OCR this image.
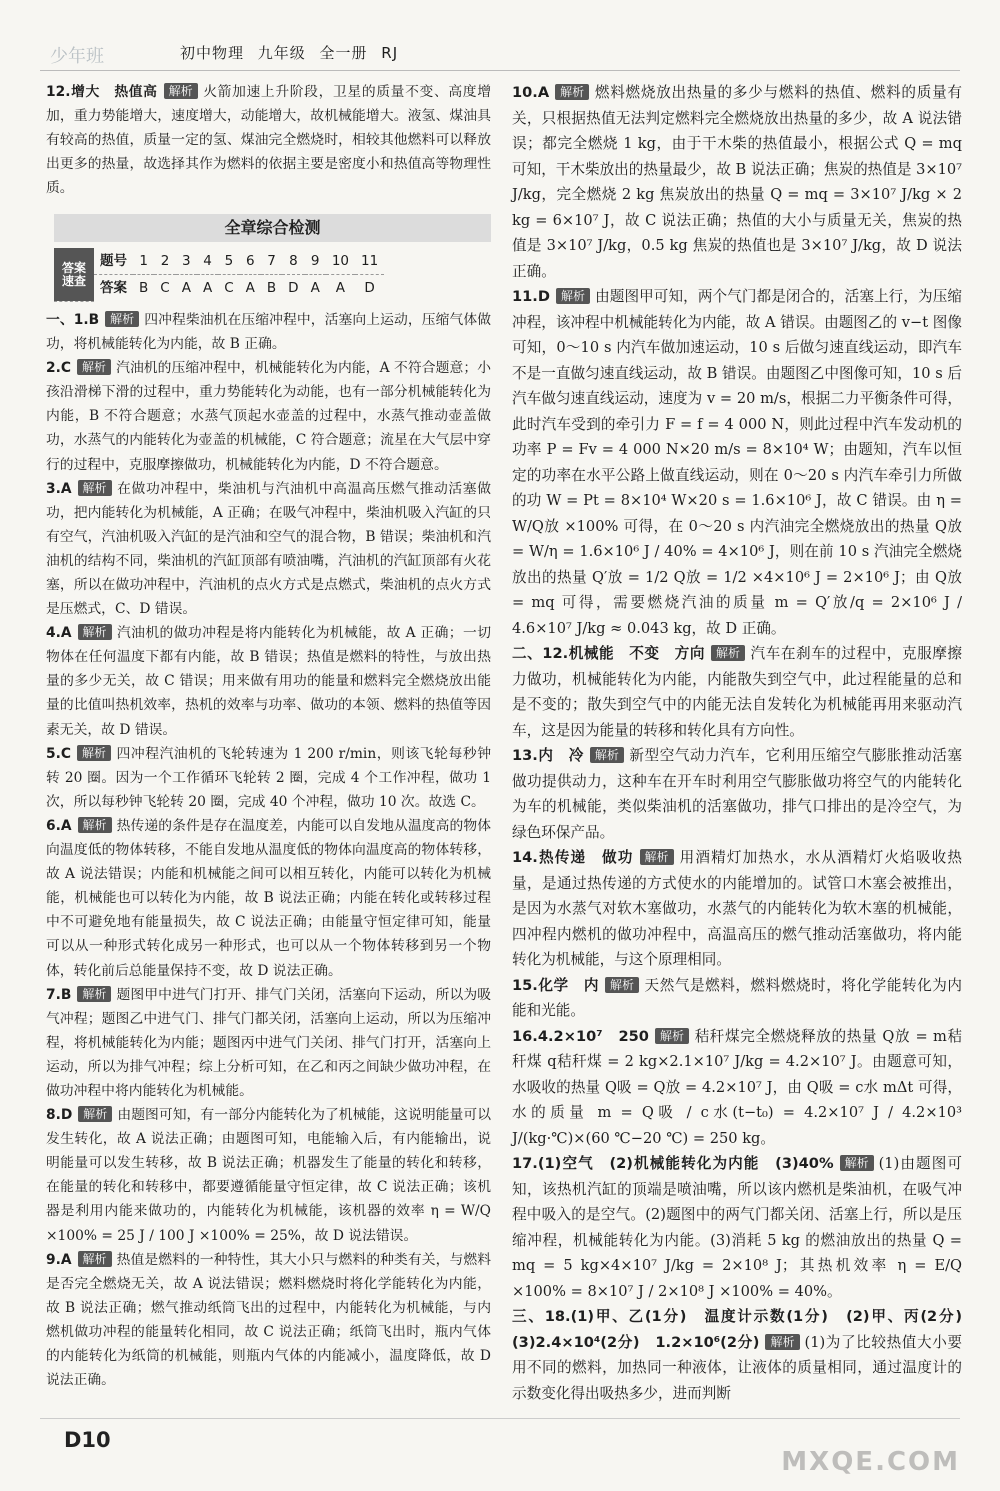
少年班	初中物理 九年级 全一册 RJ
12.增大　热值高 解析 火箭加速上升阶段，卫星的质量不变、高度增加，重力势能增大，速度增大，动能增大，故机械能增大。液氢、煤油具有较高的热值，质量一定的氢、煤油完全燃烧时，相较其他燃料可以释放出更多的热量，故选择其作为燃料的依据主要是密度小和热值高等物理性质。
全章综合检测
答案速查	题号	1	2	3	4	5	6	7	8	9	10	11
	答案	B	C	A	A	C	A	B	D	A	A	D
一、1.B 解析 四冲程柴油机在压缩冲程中，活塞向上运动，压缩气体做功，将机械能转化为内能，故 B 正确。
2.C 解析 汽油机的压缩冲程中，机械能转化为内能，A 不符合题意；小孩沿滑梯下滑的过程中，重力势能转化为动能，也有一部分机械能转化为内能，B 不符合题意；水蒸气顶起水壶盖的过程中，水蒸气推动壶盖做功，水蒸气的内能转化为壶盖的机械能，C 符合题意；流星在大气层中穿行的过程中，克服摩擦做功，机械能转化为内能，D 不符合题意。
3.A 解析 在做功冲程中，柴油机与汽油机中高温高压燃气推动活塞做功，把内能转化为机械能，A 正确；在吸气冲程中，柴油机吸入汽缸的只有空气，汽油机吸入汽缸的是汽油和空气的混合物，B 错误；柴油机和汽油机的结构不同，柴油机的汽缸顶部有喷油嘴，汽油机的汽缸顶部有火花塞，所以在做功冲程中，汽油机的点火方式是点燃式，柴油机的点火方式是压燃式，C、D 错误。
4.A 解析 汽油机的做功冲程是将内能转化为机械能，故 A 正确；一切物体在任何温度下都有内能，故 B 错误；热值是燃料的特性，与放出热量的多少无关，故 C 错误；用来做有用功的能量和燃料完全燃烧放出能量的比值叫热机效率，热机的效率与功率、做功的本领、燃料的热值等因素无关，故 D 错误。
5.C 解析 四冲程汽油机的飞轮转速为 1 200 r/min，则该飞轮每秒钟转 20 圈。因为一个工作循环飞轮转 2 圈，完成 4 个工作冲程，做功 1 次，所以每秒钟飞轮转 20 圈，完成 40 个冲程，做功 10 次。故选 C。
6.A 解析 热传递的条件是存在温度差，内能可以自发地从温度高的物体向温度低的物体转移，不能自发地从温度低的物体向温度高的物体转移，故 A 说法错误；内能和机械能之间可以相互转化，内能可以转化为机械能，机械能也可以转化为内能，故 B 说法正确；内能在转化或转移过程中不可避免地有能量损失，故 C 说法正确；由能量守恒定律可知，能量可以从一种形式转化成另一种形式，也可以从一个物体转移到另一个物体，转化前后总能量保持不变，故 D 说法正确。
7.B 解析 题图甲中进气门打开、排气门关闭，活塞向下运动，所以为吸气冲程；题图乙中进气门、排气门都关闭，活塞向上运动，所以为压缩冲程，将机械能转化为内能；题图丙中进气门关闭、排气门打开，活塞向上运动，所以为排气冲程；综上分析可知，在乙和丙之间缺少做功冲程，在做功冲程中将内能转化为机械能。
8.D 解析 由题图可知，有一部分内能转化为了机械能，这说明能量可以发生转化，故 A 说法正确；由题图可知，电能输入后，有内能输出，说明能量可以发生转移，故 B 说法正确；机器发生了能量的转化和转移，在能量的转化和转移中，都要遵循能量守恒定律，故 C 说法正确；该机器是利用内能来做功的，内能转化为机械能，该机器的效率 η = W/Q ×100% = 25 J / 100 J ×100% = 25%，故 D 说法错误。
9.A 解析 热值是燃料的一种特性，其大小只与燃料的种类有关，与燃料是否完全燃烧无关，故 A 说法错误；燃料燃烧时将化学能转化为内能，故 B 说法正确；燃气推动纸筒飞出的过程中，内能转化为机械能，与内燃机做功冲程的能量转化相同，故 C 说法正确；纸筒飞出时，瓶内气体的内能转化为纸筒的机械能，则瓶内气体的内能减小，温度降低，故 D 说法正确。
10.A 解析 燃料燃烧放出热量的多少与燃料的热值、燃料的质量有关，只根据热值无法判定燃料完全燃烧放出热量的多少，故 A 说法错误；都完全燃烧 1 kg，由于干木柴的热值最小，根据公式 Q = mq 可知，干木柴放出的热量最少，故 B 说法正确；焦炭的热值是 3×10⁷ J/kg，完全燃烧 2 kg 焦炭放出的热量 Q = mq = 3×10⁷ J/kg × 2 kg = 6×10⁷ J，故 C 说法正确；热值的大小与质量无关，焦炭的热值是 3×10⁷ J/kg，0.5 kg 焦炭的热值也是 3×10⁷ J/kg，故 D 说法正确。
11.D 解析 由题图甲可知，两个气门都是闭合的，活塞上行，为压缩冲程，该冲程中机械能转化为内能，故 A 错误。由题图乙的 v−t 图像可知，0～10 s 内汽车做加速运动，10 s 后做匀速直线运动，即汽车不是一直做匀速直线运动，故 B 错误。由题图乙中图像可知，10 s 后汽车做匀速直线运动，速度为 v = 20 m/s，根据二力平衡条件可得，此时汽车受到的牵引力 F = f = 4 000 N，则此过程中汽车发动机的功率 P = Fv = 4 000 N×20 m/s = 8×10⁴ W；由题知，汽车以恒定的功率在水平公路上做直线运动，则在 0～20 s 内汽车牵引力所做的功 W = Pt = 8×10⁴ W×20 s = 1.6×10⁶ J，故 C 错误。由 η = W/Q放 ×100% 可得，在 0～20 s 内汽油完全燃烧放出的热量 Q放 = W/η = 1.6×10⁶ J / 40% = 4×10⁶ J，则在前 10 s 汽油完全燃烧放出的热量 Q′放 = 1/2 Q放 = 1/2 ×4×10⁶ J = 2×10⁶ J；由 Q放 = mq 可得，需要燃烧汽油的质量 m = Q′放/q = 2×10⁶ J / 4.6×10⁷ J/kg ≈ 0.043 kg，故 D 正确。
二、12.机械能　不变　方向 解析 汽车在刹车的过程中，克服摩擦力做功，机械能转化为内能，内能散失到空气中，此过程能量的总和是不变的；散失到空气中的内能无法自发转化为机械能再用来驱动汽车，这是因为能量的转移和转化具有方向性。
13.内　冷 解析 新型空气动力汽车，它利用压缩空气膨胀推动活塞做功提供动力，这种车在开车时利用空气膨胀做功将空气的内能转化为车的机械能，类似柴油机的活塞做功，排气口排出的是冷空气，为绿色环保产品。
14.热传递　做功 解析 用酒精灯加热水，水从酒精灯火焰吸收热量，是通过热传递的方式使水的内能增加的。试管口木塞会被推出，是因为水蒸气对软木塞做功，水蒸气的内能转化为软木塞的机械能，四冲程内燃机的做功冲程中，高温高压的燃气推动活塞做功，将内能转化为机械能，与这个原理相同。
15.化学　内 解析 天然气是燃料，燃料燃烧时，将化学能转化为内能和光能。
16.4.2×10⁷　250 解析 秸秆煤完全燃烧释放的热量 Q放 = m秸秆煤 q秸秆煤 = 2 kg×2.1×10⁷ J/kg = 4.2×10⁷ J。由题意可知，水吸收的热量 Q吸 = Q放 = 4.2×10⁷ J，由 Q吸 = c水 mΔt 可得，水的质量 m = Q吸 / c水(t−t₀) = 4.2×10⁷ J / 4.2×10³ J/(kg·℃)×(60 ℃−20 ℃) = 250 kg。
17.(1)空气　(2)机械能转化为内能　(3)40% 解析 (1)由题图可知，该热机汽缸的顶端是喷油嘴，所以该内燃机是柴油机，在吸气冲程中吸入的是空气。(2)题图中的两气门都关闭、活塞上行，所以是压缩冲程，机械能转化为内能。(3)消耗 5 kg 的燃油放出的热量 Q = mq = 5 kg×4×10⁷ J/kg = 2×10⁸ J；其热机效率 η = E/Q ×100% = 8×10⁷ J / 2×10⁸ J ×100% = 40%。
三、18.(1)甲、乙(1分)　温度计示数(1分)　(2)甲、丙(2分)　(3)2.4×10⁴(2分)　1.2×10⁶(2分) 解析 (1)为了比较热值大小要用不同的燃料，加热同一种液体，让液体的质量相同，通过温度计的示数变化得出吸热多少，进而判断
D10
MXQE.COM
